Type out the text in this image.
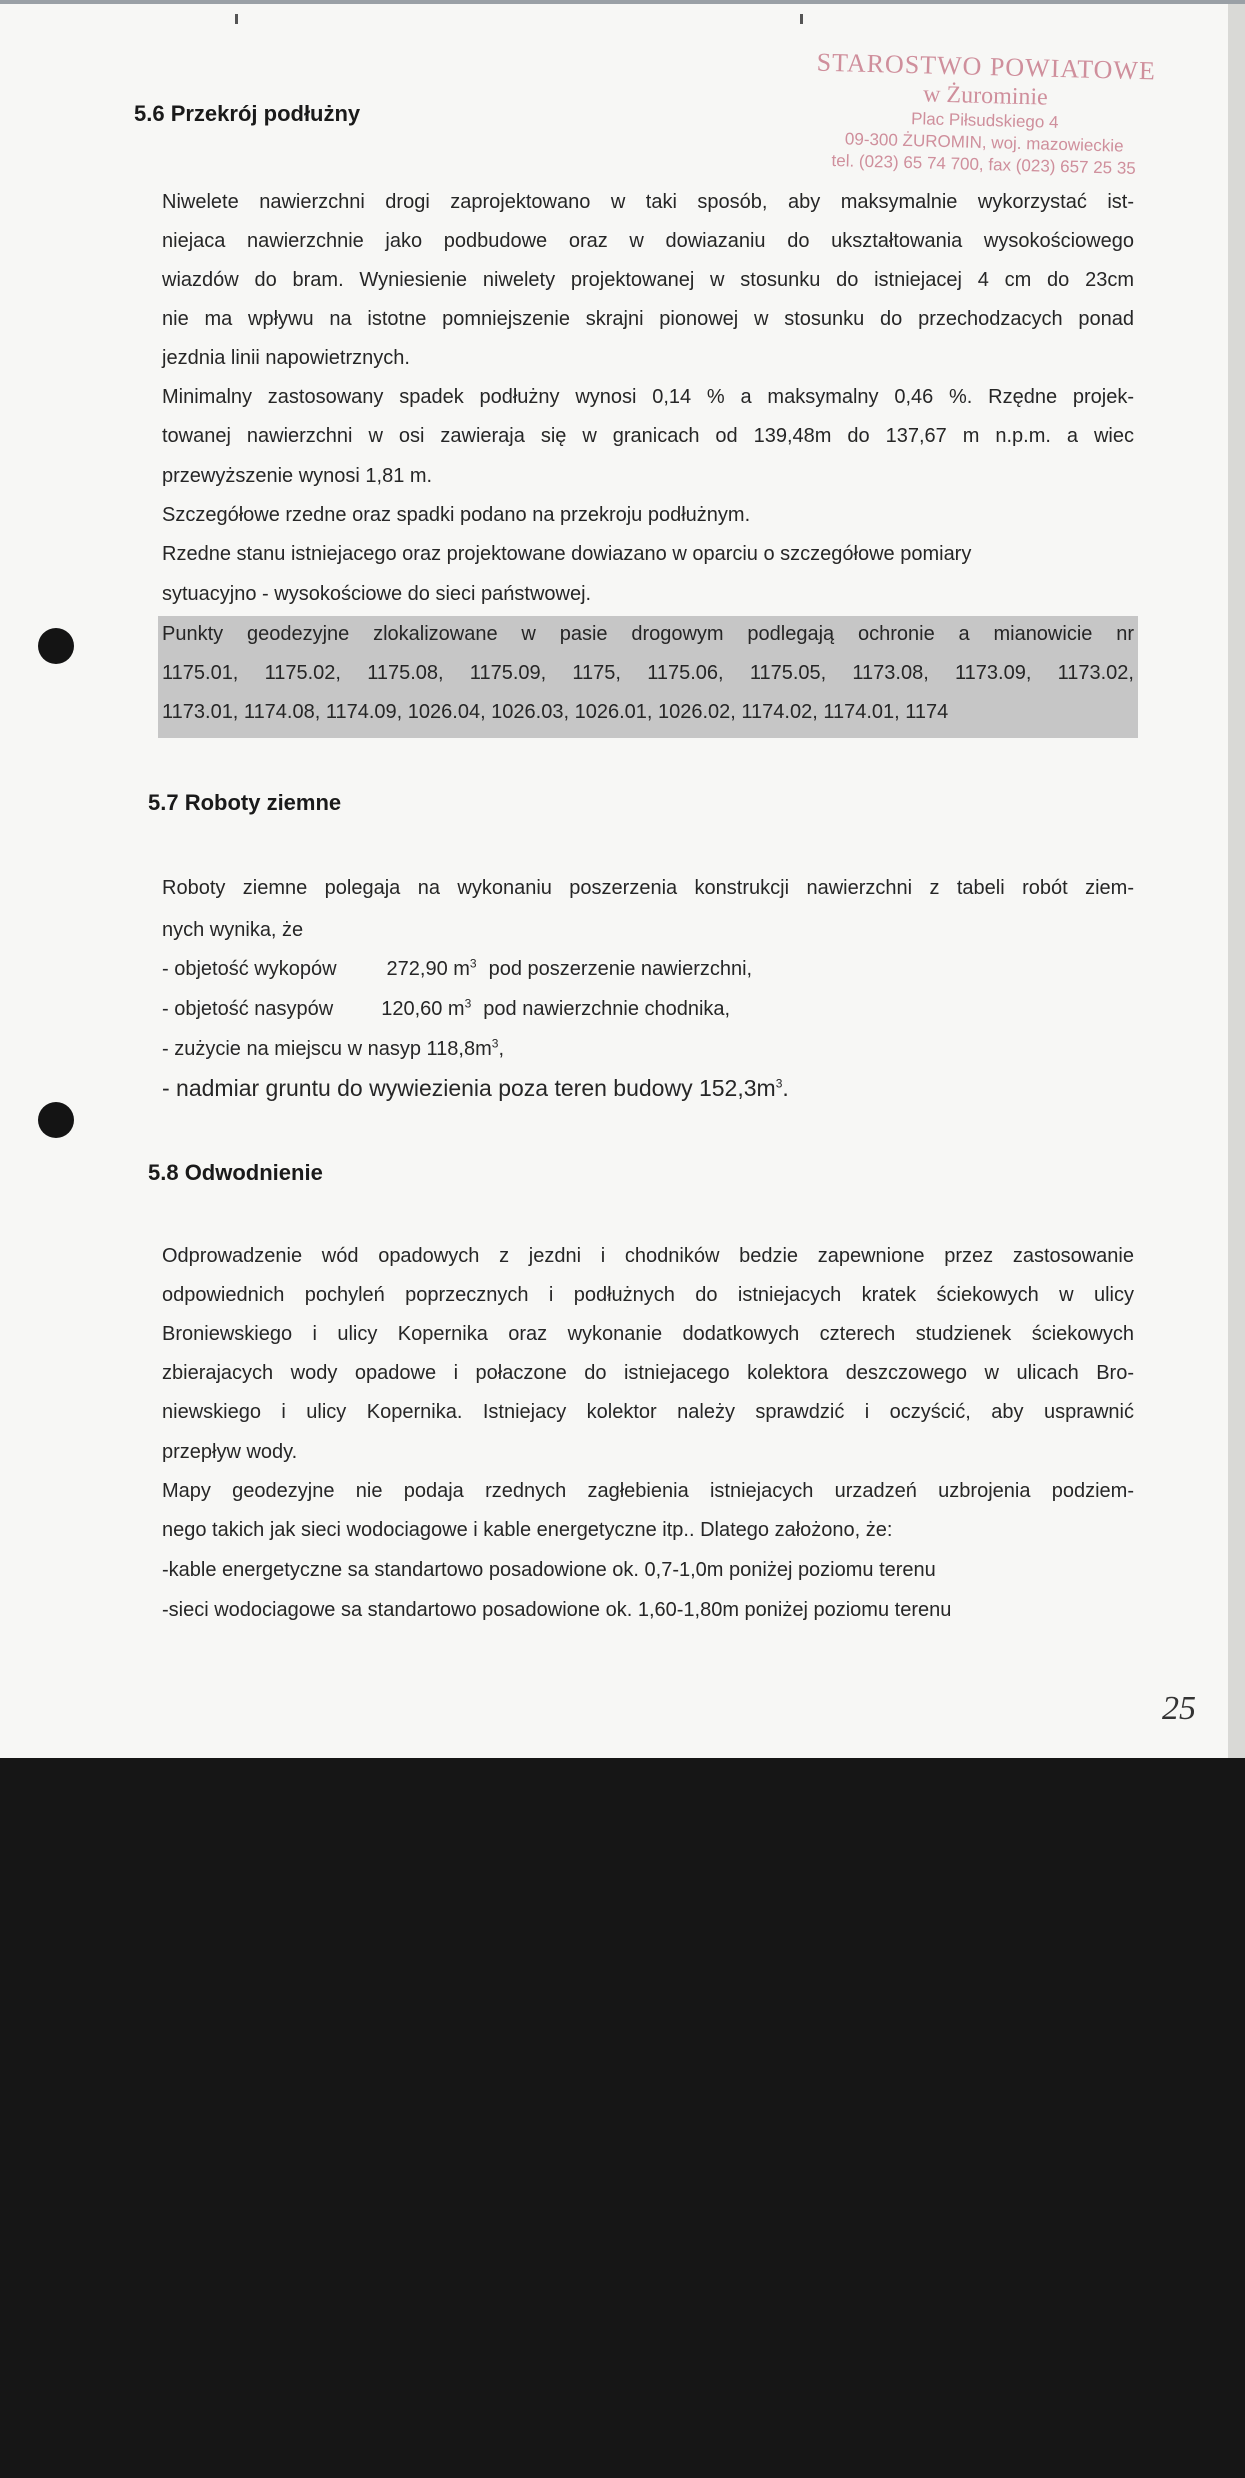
STAROSTWO POWIATOWE
w Żurominie
Plac Piłsudskiego 4
09-300 ŻUROMIN, woj. mazowieckie
tel. (023) 65 74 700, fax (023) 657 25 35
5.6 Przekrój podłużny
Niwelete nawierzchni drogi zaprojektowano w taki sposób, aby maksymalnie wykorzystać ist-
niejaca nawierzchnie jako podbudowe oraz w dowiazaniu do ukształtowania wysokościowego
wiazdów do bram. Wyniesienie niwelety projektowanej w stosunku do istniejacej 4 cm do 23cm
nie ma wpływu na istotne pomniejszenie skrajni pionowej w stosunku do przechodzacych ponad
jezdnia linii napowietrznych.
Minimalny zastosowany spadek podłużny wynosi 0,14 % a maksymalny 0,46 %. Rzędne projek-
towanej nawierzchni w osi zawieraja się w granicach od 139,48m do 137,67 m n.p.m. a wiec
przewyższenie wynosi 1,81 m.
Szczegółowe rzedne oraz spadki podano na przekroju podłużnym.
Rzedne stanu istniejacego oraz projektowane dowiazano w oparciu o szczegółowe pomiary
sytuacyjno - wysokościowe do sieci państwowej.
Punkty geodezyjne zlokalizowane w pasie drogowym podlegają ochronie a mianowicie nr
1175.01, 1175.02, 1175.08, 1175.09, 1175, 1175.06, 1175.05, 1173.08, 1173.09, 1173.02,
1173.01, 1174.08, 1174.09, 1026.04, 1026.03, 1026.01, 1026.02, 1174.02, 1174.01, 1174
5.7 Roboty ziemne
Roboty ziemne polegaja na wykonaniu poszerzenia konstrukcji nawierzchni z tabeli robót ziem-
nych wynika, że
- objetość wykopów	272,90 $m^3$ pod poszerzenie nawierzchni,
- objetość nasypów 120,60 $m^3$ pod nawierzchnie chodnika,
- zużycie na miejscu w nasyp $118,8m^3$,
- nadmiar gruntu do wywiezienia poza teren budowy $152,3m^3$.
5.8 Odwodnienie
Odprowadzenie wód opadowych z jezdni i chodników bedzie zapewnione przez zastosowanie
odpowiednich pochyleń poprzecznych i podłużnych do istniejacych kratek ściekowych w ulicy
Broniewskiego i ulicy Kopernika oraz wykonanie dodatkowych czterech studzienek ściekowych
zbierajacych wody opadowe i połaczone do istniejacego kolektora deszczowego w ulicach Bro-
niewskiego i ulicy Kopernika. Istniejacy kolektor należy sprawdzić i oczyścić, aby usprawnić
przepływ wody.
Mapy geodezyjne nie podaja rzednych zagłebienia istniejacych urzadzeń uzbrojenia podziem-
nego takich jak sieci wodociagowe i kable energetyczne itp.. Dlatego założono, że:
-kable energetyczne sa standartowo posadowione ok. 0,7-1,0m poniżej poziomu terenu
-sieci wodociagowe sa standartowo posadowione ok. 1,60-1,80m poniżej poziomu terenu
25
